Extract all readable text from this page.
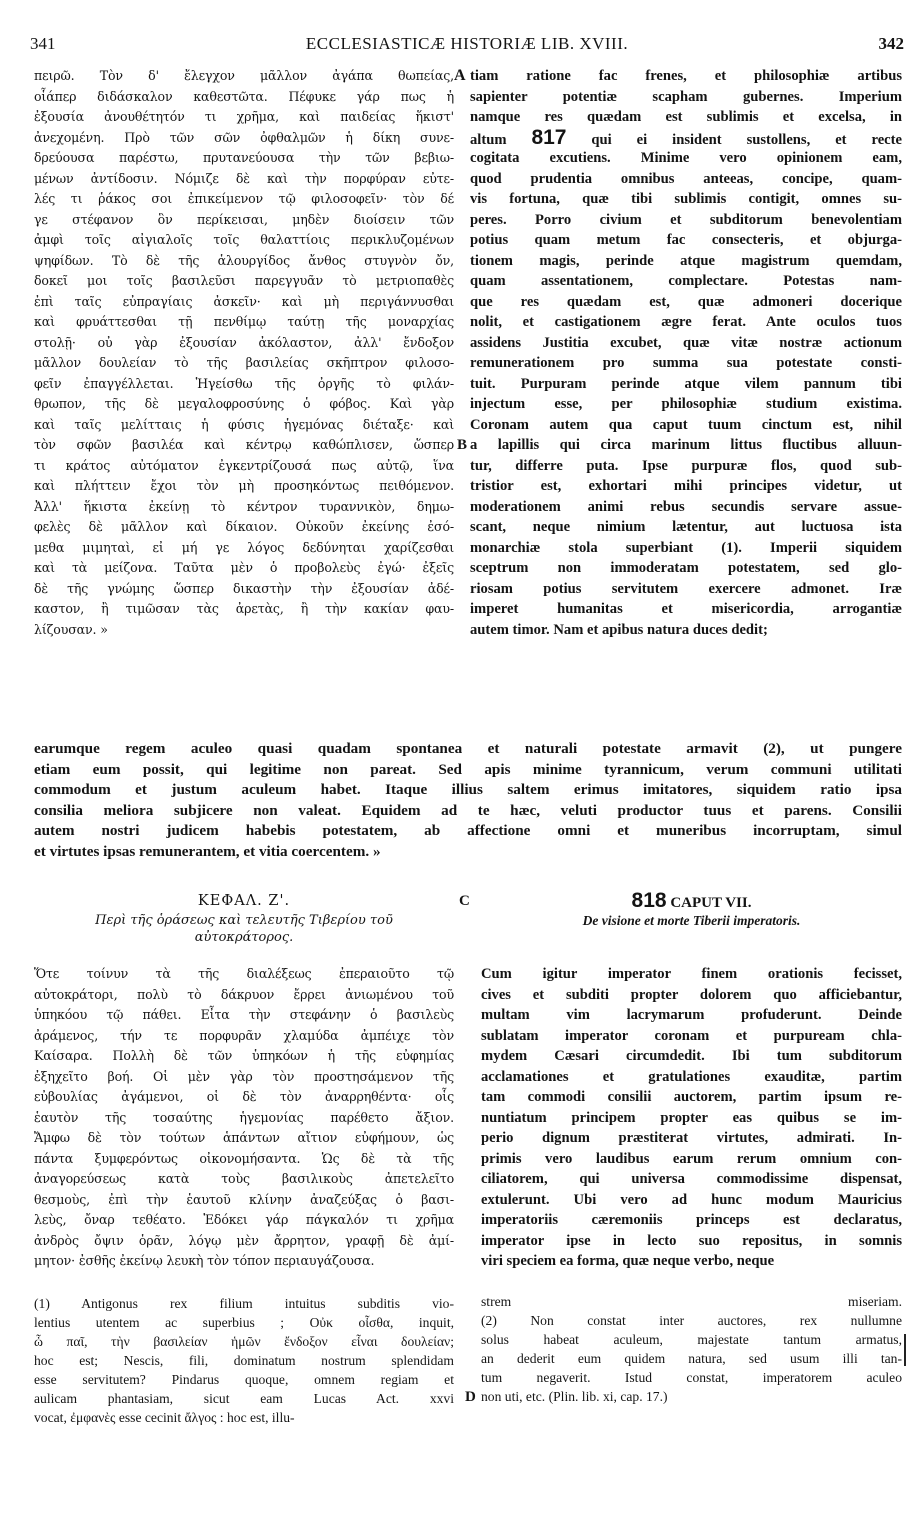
341	ECCLESIASTICÆ HISTORIÆ LIB. XVIII.	342
A
B
C
D
πειρῶ. Τὸν δ' ἔλεγχον μᾶλλον ἀγάπα θωπείας,
οἷάπερ διδάσκαλον καθεστῶτα. Πέφυκε γάρ πως ἡ
ἐξουσία ἀνουθέτητόν τι χρῆμα, καὶ παιδείας ἥκιστ'
ἀνεχομένη. Πρὸ τῶν σῶν ὀφθαλμῶν ἡ δίκη συνε-
δρεύουσα παρέστω, πρυτανεύουσα τὴν τῶν βεβιω-
μένων ἀντίδοσιν. Νόμιζε δὲ καὶ τὴν πορφύραν εὐτε-
λές τι ῥάκος σοι ἐπικείμενον τῷ φιλοσοφεῖν· τὸν δέ
γε στέφανον ὃν περίκεισαι, μηδὲν διοίσειν τῶν
ἀμφὶ τοῖς αἰγιαλοῖς τοῖς θαλαττίοις περικλυζομένων
ψηφίδων. Τὸ δὲ τῆς ἁλουργίδος ἄνθος στυγνὸν ὄν,
δοκεῖ μοι τοῖς βασιλεῦσι παρεγγυᾶν τὸ μετριοπαθὲς
ἐπὶ ταῖς εὐπραγίαις ἀσκεῖν· καὶ μὴ περιγάννυσθαι
καὶ φρυάττεσθαι τῇ πενθίμῳ ταύτῃ τῆς μοναρχίας
στολῇ· οὐ γὰρ ἐξουσίαν ἀκόλαστον, ἀλλ' ἔνδοξον
μᾶλλον δουλείαν τὸ τῆς βασιλείας σκῆπτρον φιλοσο-
φεῖν ἐπαγγέλλεται. Ἡγείσθω τῆς ὀργῆς τὸ φιλάν-
θρωπον, τῆς δὲ μεγαλοφροσύνης ὁ φόβος. Καὶ γὰρ
καὶ ταῖς μελίτταις ἡ φύσις ἡγεμόνας διέταξε· καὶ
τὸν σφῶν βασιλέα καὶ κέντρῳ καθώπλισεν, ὥσπερ
τι κράτος αὐτόματον ἐγκεντρίζουσά πως αὐτῷ, ἵνα
καὶ πλήττειν ἔχοι τὸν μὴ προσηκόντως πειθόμενον.
Ἀλλ' ἥκιστα ἐκείνῃ τὸ κέντρον τυραννικὸν, δημω-
φελὲς δὲ μᾶλλον καὶ δίκαιον. Οὐκοῦν ἐκείνης ἐσό-
μεθα μιμηταὶ, εἰ μή γε λόγος δεδύνηται χαρίζεσθαι
καὶ τὰ μείζονα. Ταῦτα μὲν ὁ προβολεὺς ἐγώ· ἐξεῖς
δὲ τῆς γνώμης ὥσπερ δικαστὴν τὴν ἐξουσίαν ἀδέ-
καστον, ἢ τιμῶσαν τὰς ἀρετὰς, ἢ τὴν κακίαν φαυ-
λίζουσαν. »
tiam ratione fac frenes, et philosophiæ artibus
sapienter potentiæ scapham gubernes. Imperium
namque res quædam est sublimis et excelsa, in
altum 817 qui ei insident sustollens, et recte
cogitata excutiens. Minime vero opinionem eam,
quod prudentia omnibus anteeas, concipe, quam-
vis fortuna, quæ tibi sublimis contigit, omnes su-
peres. Porro civium et subditorum benevolentiam
potius quam metum fac consecteris, et objurga-
tionem magis, perinde atque magistrum quemdam,
quam assentationem, complectare. Potestas nam-
que res quædam est, quæ admoneri docerique
nolit, et castigationem ægre ferat. Ante oculos tuos
assidens Justitia excubet, quæ vitæ nostræ actionum
remunerationem pro summa sua potestate consti-
tuit. Purpuram perinde atque vilem pannum tibi
injectum esse, per philosophiæ studium existima.
Coronam autem qua caput tuum cinctum est, nihil
a lapillis qui circa marinum littus fluctibus alluun-
tur, differre puta. Ipse purpuræ flos, quod sub-
tristior est, exhortari mihi principes videtur, ut
moderationem animi rebus secundis servare assue-
scant, neque nimium lætentur, aut luctuosa ista
monarchiæ stola superbiant (1). Imperii siquidem
sceptrum non immoderatam potestatem, sed glo-
riosam potius servitutem exercere admonet. Iræ
imperet humanitas et misericordia, arrogantiæ
autem timor. Nam et apibus natura duces dedit;
earumque regem aculeo quasi quadam spontanea et naturali potestate armavit (2), ut pungere
etiam eum possit, qui legitime non pareat. Sed apis minime tyrannicum, verum communi utilitati
commodum et justum aculeum habet. Itaque illius saltem erimus imitatores, siquidem ratio ipsa
consilia meliora subjicere non valeat. Equidem ad te hæc, veluti productor tuus et parens. Consilii
autem nostri judicem habebis potestatem, ab affectione omni et muneribus incorruptam, simul
et virtutes ipsas remunerantem, et vitia coercentem. »
ΚΕΦΑΛ. Ζ'.
Περὶ τῆς ὁράσεως καὶ τελευτῆς Τιβερίου τοῦ
αὐτοκράτορος.
818 CAPUT VII.
De visione et morte Tiberii imperatoris.
Ὅτε τοίνυν τὰ τῆς διαλέξεως ἐπεραιοῦτο τῷ
αὐτοκράτορι, πολὺ τὸ δάκρυον ἔρρει ἀνιωμένου τοῦ
ὑπηκόου τῷ πάθει. Εἶτα τὴν στεφάνην ὁ βασιλεὺς
ἀράμενος, τήν τε πορφυρᾶν χλαμύδα ἀμπέιχε τὸν
Καίσαρα. Πολλὴ δὲ τῶν ὑπηκόων ἡ τῆς εὐφημίας
ἐξηχεῖτο βοή. Οἱ μὲν γὰρ τὸν προστησάμενον τῆς
εὐβουλίας ἀγάμενοι, οἱ δὲ τὸν ἀναρρηθέντα· οἷς
ἑαυτὸν τῆς τοσαύτης ἡγεμονίας παρέθετο ἄξιον.
Ἄμφω δὲ τὸν τούτων ἁπάντων αἴτιον εὐφήμουν, ὡς
πάντα ξυμφερόντως οἰκονομήσαντα. Ὡς δὲ τὰ τῆς
ἀναγορεύσεως κατὰ τοὺς βασιλικοὺς ἀπετελεῖτο
θεσμοὺς, ἐπὶ τὴν ἑαυτοῦ κλίνην ἀναζεύξας ὁ βασι-
λεὺς, ὄναρ τεθέατο. Ἐδόκει γάρ πάγκαλόν τι χρῆμα
ἀνδρὸς ὄψιν ὁρᾶν, λόγῳ μὲν ἄρρητον, γραφῇ δὲ ἀμί-
μητον· ἐσθῆς ἐκείνῳ λευκὴ τὸν τόπον περιαυγάζουσα.
Cum igitur imperator finem orationis fecisset,
cives et subditi propter dolorem quo afficiebantur,
multam vim lacrymarum profuderunt. Deinde
sublatam imperator coronam et purpuream chla-
mydem Cæsari circumdedit. Ibi tum subditorum
acclamationes et gratulationes exauditæ, partim
tam commodi consilii auctorem, partim ipsum re-
nuntiatum principem propter eas quibus se im-
perio dignum præstiterat virtutes, admirati. In-
primis vero laudibus earum rerum omnium con-
ciliatorem, qui universa commodissime dispensat,
extulerunt. Ubi vero ad hunc modum Mauricius
imperatoriis cæremoniis princeps est declaratus,
imperator ipse in lecto suo repositus, in somnis
viri speciem ea forma, quæ neque verbo, neque
(1) Antigonus rex filium intuitus subditis vio-
lentius utentem ac superbius ; Οὐκ οἶσθα, inquit,
ὦ παῖ, τὴν βασιλείαν ἡμῶν ἔνδοξον εἶναι δουλείαν;
hoc est; Nescis, fili, dominatum nostrum splendidam
esse servitutem? Pindarus quoque, omnem regiam et
aulicam phantasiam, sicut eam Lucas Act. xxvi
vocat, ἐμφανὲς esse cecinit ἄλγος : hoc est, illu-
strem miseriam.
(2) Non constat inter auctores, rex nullumne
solus habeat aculeum, majestate tantum armatus,
an dederit eum quidem natura, sed usum illi tan-
tum negaverit. Istud constat, imperatorem aculeo
non uti, etc. (Plin. lib. xi, cap. 17.)
